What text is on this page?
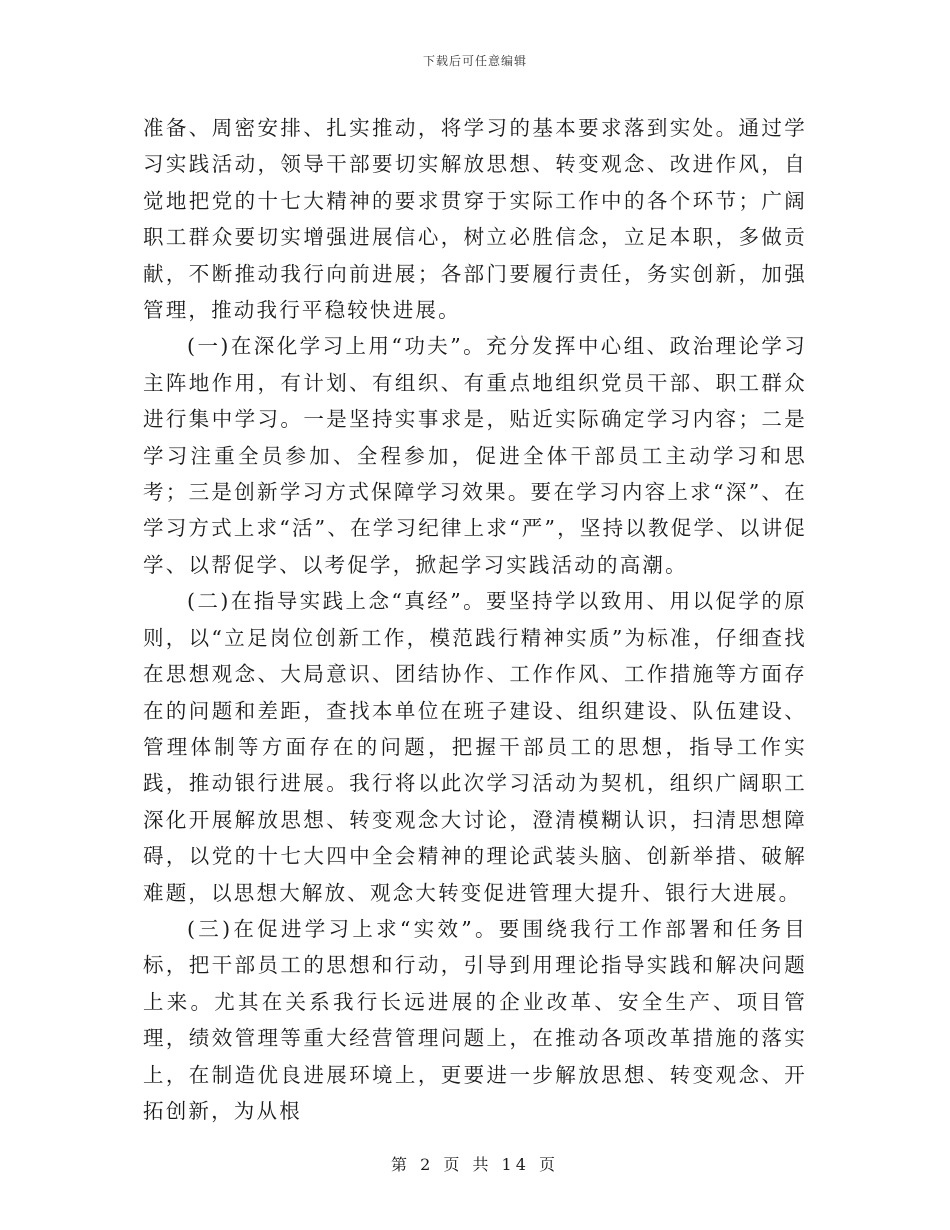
下载后可任意编辑

准备、周密安排、扎实推动，将学习的基本要求落到实处。通过学习实践活动，领导干部要切实解放思想、转变观念、改进作风，自觉地把党的十七大精神的要求贯穿于实际工作中的各个环节；广阔职工群众要切实增强进展信心，树立必胜信念，立足本职，多做贡献，不断推动我行向前进展；各部门要履行责任，务实创新，加强管理，推动我行平稳较快进展。

(一)在深化学习上用“功夫”。充分发挥中心组、政治理论学习主阵地作用，有计划、有组织、有重点地组织党员干部、职工群众进行集中学习。一是坚持实事求是，贴近实际确定学习内容；二是学习注重全员参加、全程参加，促进全体干部员工主动学习和思考；三是创新学习方式保障学习效果。要在学习内容上求“深”、在学习方式上求“活”、在学习纪律上求“严”，坚持以教促学、以讲促学、以帮促学、以考促学，掀起学习实践活动的高潮。

(二)在指导实践上念“真经”。要坚持学以致用、用以促学的原则，以“立足岗位创新工作，模范践行精神实质”为标准，仔细查找在思想观念、大局意识、团结协作、工作作风、工作措施等方面存在的问题和差距，查找本单位在班子建设、组织建设、队伍建设、管理体制等方面存在的问题，把握干部员工的思想，指导工作实践，推动银行进展。我行将以此次学习活动为契机，组织广阔职工深化开展解放思想、转变观念大讨论，澄清模糊认识，扫清思想障碍，以党的十七大四中全会精神的理论武装头脑、创新举措、破解难题，以思想大解放、观念大转变促进管理大提升、银行大进展。

(三)在促进学习上求“实效”。要围绕我行工作部署和任务目标，把干部员工的思想和行动，引导到用理论指导实践和解决问题上来。尤其在关系我行长远进展的企业改革、安全生产、项目管理，绩效管理等重大经营管理问题上，在推动各项改革措施的落实上，在制造优良进展环境上，更要进一步解放思想、转变观念、开拓创新，为从根

第 2 页 共 14 页
